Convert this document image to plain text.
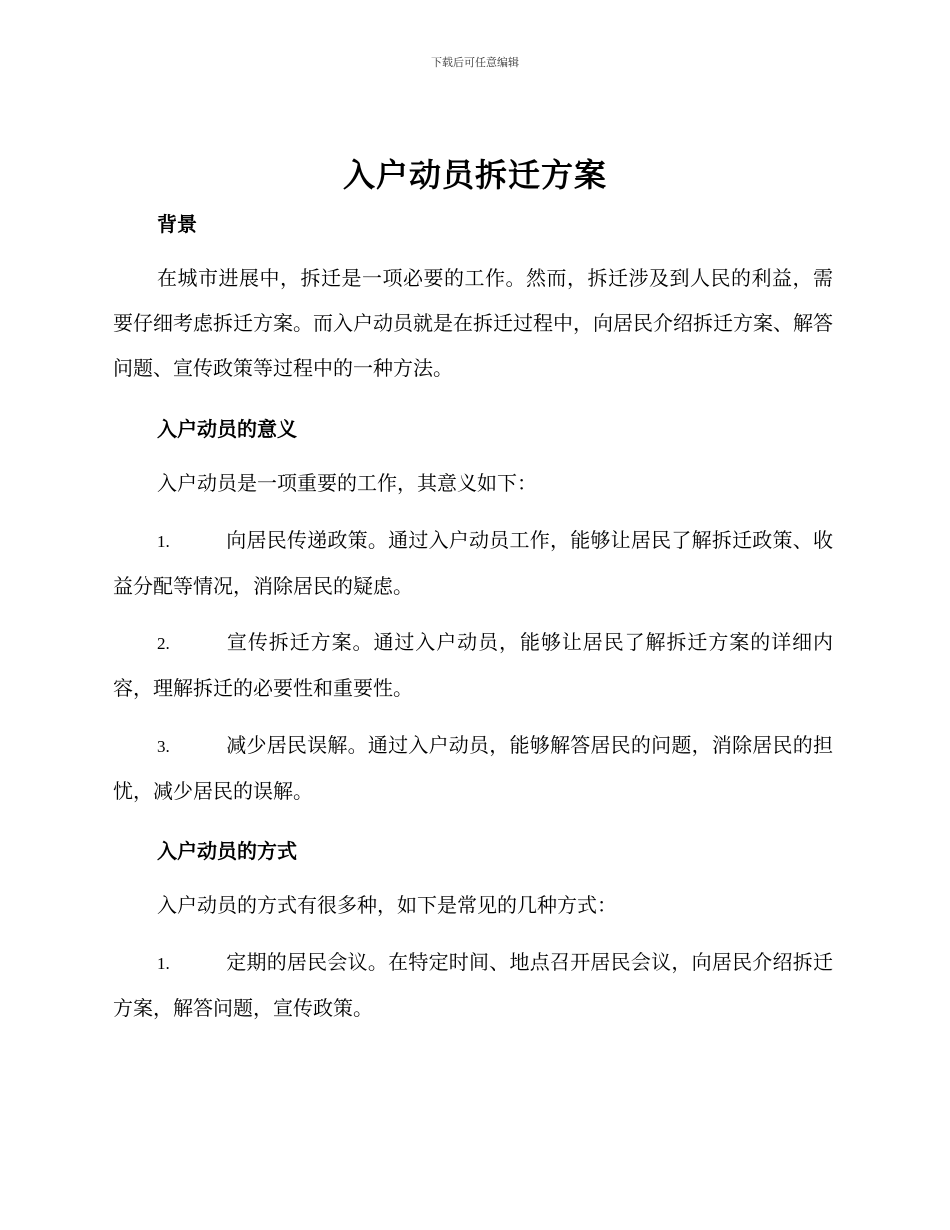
下载后可任意编辑
入户动员拆迁方案
背景

在城市进展中，拆迁是一项必要的工作。然而，拆迁涉及到人民的利益，需要仔细考虑拆迁方案。而入户动员就是在拆迁过程中，向居民介绍拆迁方案、解答问题、宣传政策等过程中的一种方法。

入户动员的意义

入户动员是一项重要的工作，其意义如下：

1.	向居民传递政策。通过入户动员工作，能够让居民了解拆迁政策、收益分配等情况，消除居民的疑虑。

2.	宣传拆迁方案。通过入户动员，能够让居民了解拆迁方案的详细内容，理解拆迁的必要性和重要性。

3.	减少居民误解。通过入户动员，能够解答居民的问题，消除居民的担忧，减少居民的误解。

入户动员的方式

入户动员的方式有很多种，如下是常见的几种方式：

1.	定期的居民会议。在特定时间、地点召开居民会议，向居民介绍拆迁方案，解答问题，宣传政策。
